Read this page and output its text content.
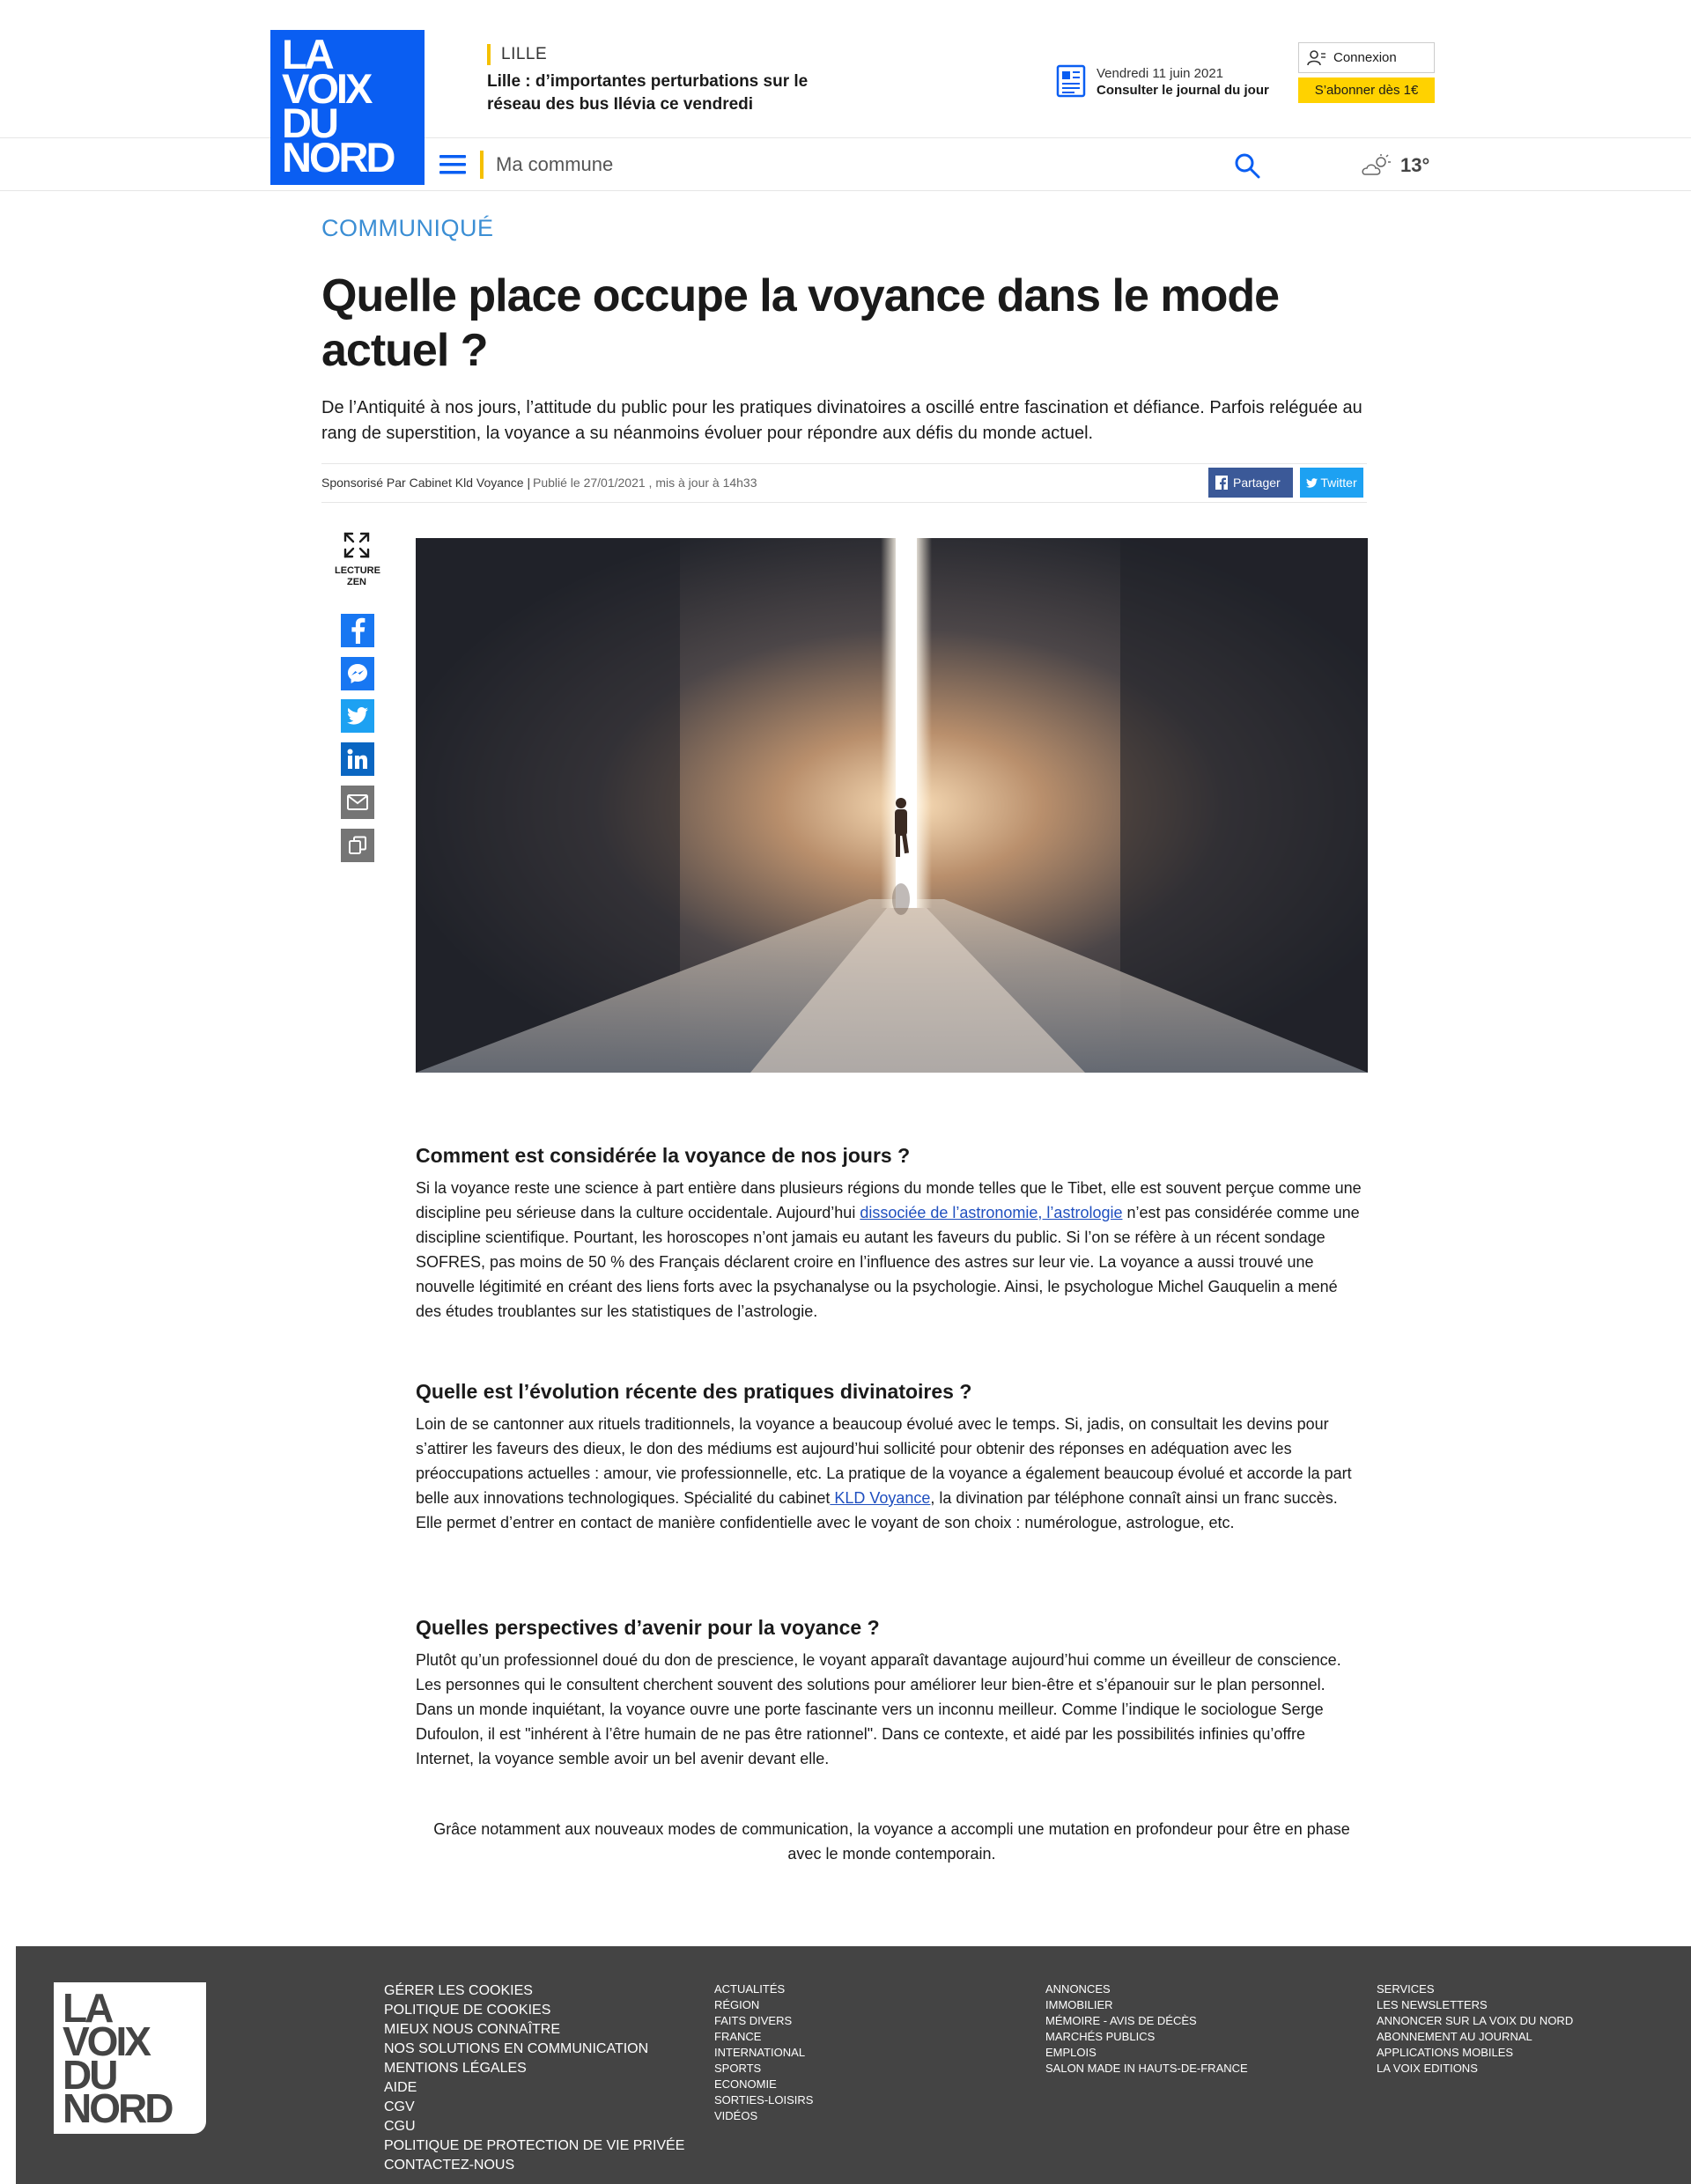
LILLE
Lille : d’importantes perturbations sur le réseau des bus Ilévia ce vendredi
Vendredi 11 juin 2021
Consulter le journal du jour
Connexion
S’abonner dès 1€
LA
VOIX
DU
NORD	Ma commune	13°
COMMUNIQUÉ
Quelle place occupe la voyance dans le mode actuel ?

De l’Antiquité à nos jours, l’attitude du public pour les pratiques divinatoires a oscillé entre fascination et défiance. Parfois reléguée au rang de superstition, la voyance a su néanmoins évoluer pour répondre aux défis du monde actuel.

Sponsorisé Par Cabinet Kld Voyance | Publié le 27/01/2021 , mis à jour à 14h33	Partager	Twitter
LECTURE
ZEN
Comment est considérée la voyance de nos jours ?

Si la voyance reste une science à part entière dans plusieurs régions du monde telles que le Tibet, elle est souvent perçue comme une discipline peu sérieuse dans la culture occidentale. Aujourd’hui dissociée de l’astronomie, l’astrologie n’est pas considérée comme une discipline scientifique. Pourtant, les horoscopes n’ont jamais eu autant les faveurs du public. Si l’on se réfère à un récent sondage SOFRES, pas moins de 50 % des Français déclarent croire en l’influence des astres sur leur vie. La voyance a aussi trouvé une nouvelle légitimité en créant des liens forts avec la psychanalyse ou la psychologie. Ainsi, le psychologue Michel Gauquelin a mené des études troublantes sur les statistiques de l’astrologie.

Quelle est l’évolution récente des pratiques divinatoires ?

Loin de se cantonner aux rituels traditionnels, la voyance a beaucoup évolué avec le temps. Si, jadis, on consultait les devins pour s’attirer les faveurs des dieux, le don des médiums est aujourd’hui sollicité pour obtenir des réponses en adéquation avec les préoccupations actuelles : amour, vie professionnelle, etc. La pratique de la voyance a également beaucoup évolué et accorde la part belle aux innovations technologiques. Spécialité du cabinet KLD Voyance, la divination par téléphone connaît ainsi un franc succès. Elle permet d’entrer en contact de manière confidentielle avec le voyant de son choix : numérologue, astrologue, etc.

Quelles perspectives d’avenir pour la voyance ?

Plutôt qu’un professionnel doué du don de prescience, le voyant apparaît davantage aujourd’hui comme un éveilleur de conscience. Les personnes qui le consultent cherchent souvent des solutions pour améliorer leur bien-être et s’épanouir sur le plan personnel. Dans un monde inquiétant, la voyance ouvre une porte fascinante vers un inconnu meilleur. Comme l’indique le sociologue Serge Dufoulon, il est "inhérent à l’être humain de ne pas être rationnel". Dans ce contexte, et aidé par les possibilités infinies qu’offre Internet, la voyance semble avoir un bel avenir devant elle.

Grâce notamment aux nouveaux modes de communication, la voyance a accompli une mutation en profondeur pour être en phase avec le monde contemporain.

LA
VOIX
DU
NORD
GÉRER LES COOKIES
POLITIQUE DE COOKIES
MIEUX NOUS CONNAÎTRE
NOS SOLUTIONS EN COMMUNICATION
MENTIONS LÉGALES
AIDE
CGV
CGU
POLITIQUE DE PROTECTION DE VIE PRIVÉE
CONTACTEZ-NOUS
ACTUALITÉS
RÉGION
FAITS DIVERS
FRANCE
INTERNATIONAL
SPORTS
ECONOMIE
SORTIES-LOISIRS
VIDÉOS
ANNONCES
IMMOBILIER
MÉMOIRE - AVIS DE DÉCÈS
MARCHÉS PUBLICS
EMPLOIS
SALON MADE IN HAUTS-DE-FRANCE
SERVICES
LES NEWSLETTERS
ANNONCER SUR LA VOIX DU NORD
ABONNEMENT AU JOURNAL
APPLICATIONS MOBILES
LA VOIX EDITIONS
